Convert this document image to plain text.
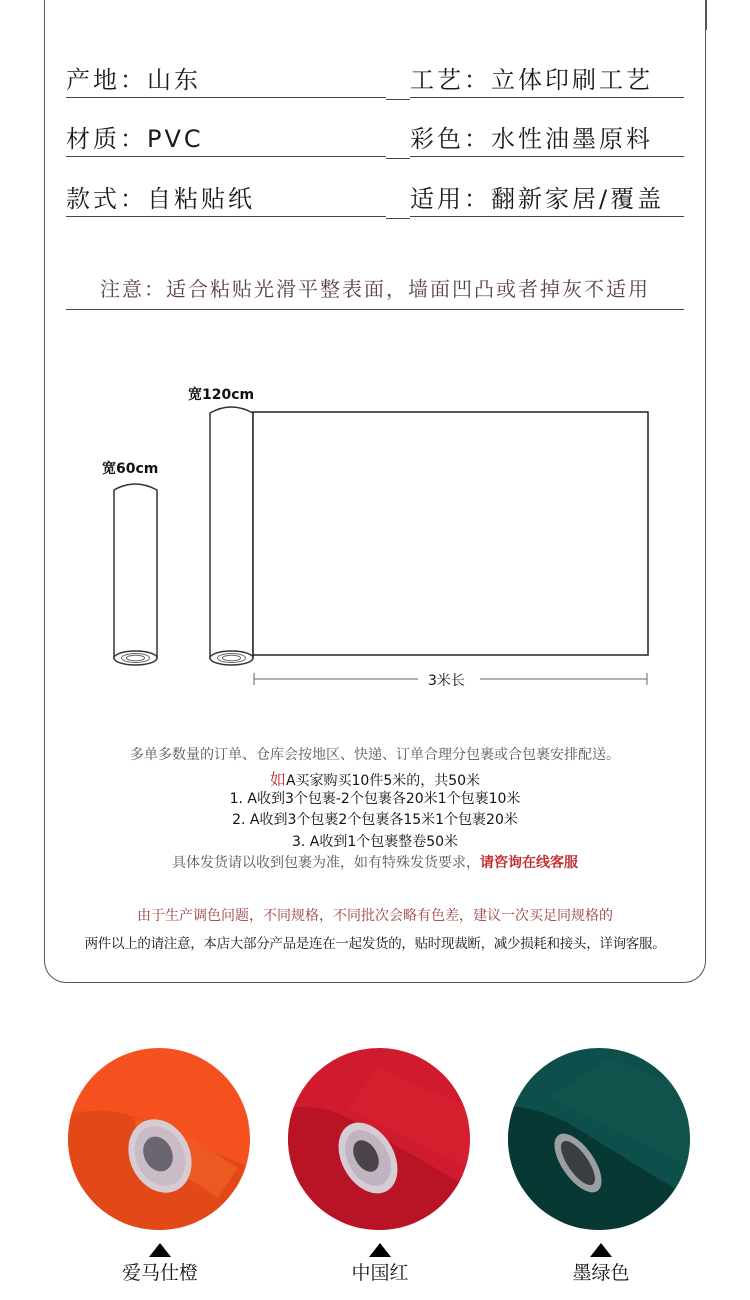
产地：山东	工艺：立体印刷工艺
材质：PVC	彩色：水性油墨原料
款式：自粘贴纸	适用：翻新家居/覆盖
注意：适合粘贴光滑平整表面，墙面凹凸或者掉灰不适用
宽60cm
宽120cm
3米长
多单多数量的订单、仓库会按地区、快递、订单合理分包裹或合包裹安排配送。
如A买家购买10件5米的，共50米
1. A收到3个包裹-2个包裹各20米1个包裹10米
2. A收到3个包裹2个包裹各15米1个包裹20米
3. A收到1个包裹整卷50米
具体发货请以收到包裹为准，如有特殊发货要求，请咨询在线客服
由于生产调色问题，不同规格，不同批次会略有色差，建议一次买足同规格的
两件以上的请注意，本店大部分产品是连在一起发货的，贴时现裁断，减少损耗和接头，详询客服。
爱马仕橙	中国红	墨绿色
